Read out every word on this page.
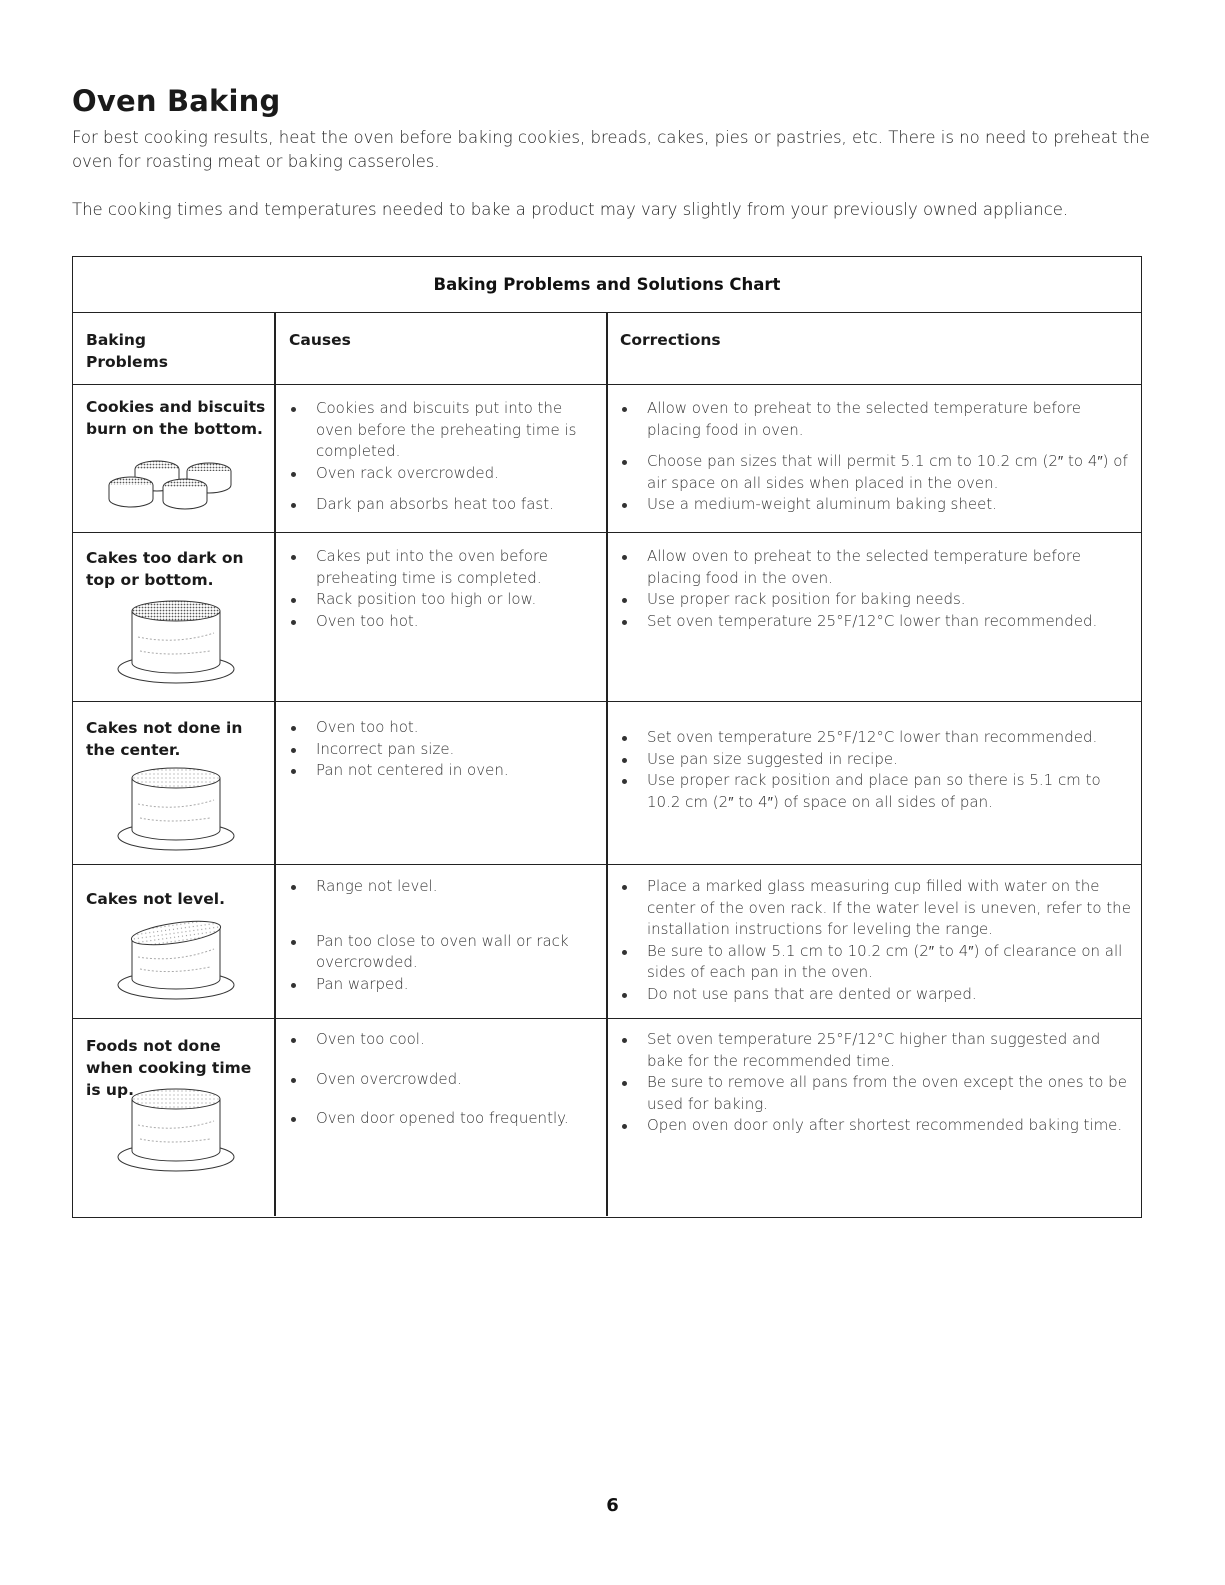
Oven Baking
For best cooking results, heat the oven before baking cookies, breads, cakes, pies or pastries, etc. There is no need to preheat the oven for roasting meat or baking casseroles.
The cooking times and temperatures needed to bake a product may vary slightly from your previously owned appliance.
Baking Problems and Solutions Chart
Baking Problems
Causes	Corrections
Cookies and biscuits burn on the bottom.
Cookies and biscuits put into the oven before the preheating time is completed.
Oven rack overcrowded.
Dark pan absorbs heat too fast.
Allow oven to preheat to the selected temperature before placing food in oven.
Choose pan sizes that will permit 5.1 cm to 10.2 cm (2″ to 4″) of air space on all sides when placed in the oven.
Use a medium-weight aluminum baking sheet.
Cakes too dark on top or bottom.
Cakes put into the oven before preheating time is completed.
Rack position too high or low.
Oven too hot.
Allow oven to preheat to the selected temperature before placing food in the oven.
Use proper rack position for baking needs.
Set oven temperature 25°F/12°C lower than recommended.
Cakes not done in the center.
Oven too hot.
Incorrect pan size.
Pan not centered in oven.
Set oven temperature 25°F/12°C lower than recommended.
Use pan size suggested in recipe.
Use proper rack position and place pan so there is 5.1 cm to 10.2 cm (2″ to 4″) of space on all sides of pan.
Cakes not level.
Range not level.
Pan too close to oven wall or rack overcrowded.
Pan warped.
Place a marked glass measuring cup filled with water on the center of the oven rack. If the water level is uneven, refer to the installation instructions for leveling the range.
Be sure to allow 5.1 cm to 10.2 cm (2″ to 4″) of clearance on all sides of each pan in the oven.
Do not use pans that are dented or warped.
Foods not done when cooking time is up.
Oven too cool.
Oven overcrowded.
Oven door opened too frequently.
Set oven temperature 25°F/12°C higher than suggested and bake for the recommended time.
Be sure to remove all pans from the oven except the ones to be used for baking.
Open oven door only after shortest recommended baking time.
6
